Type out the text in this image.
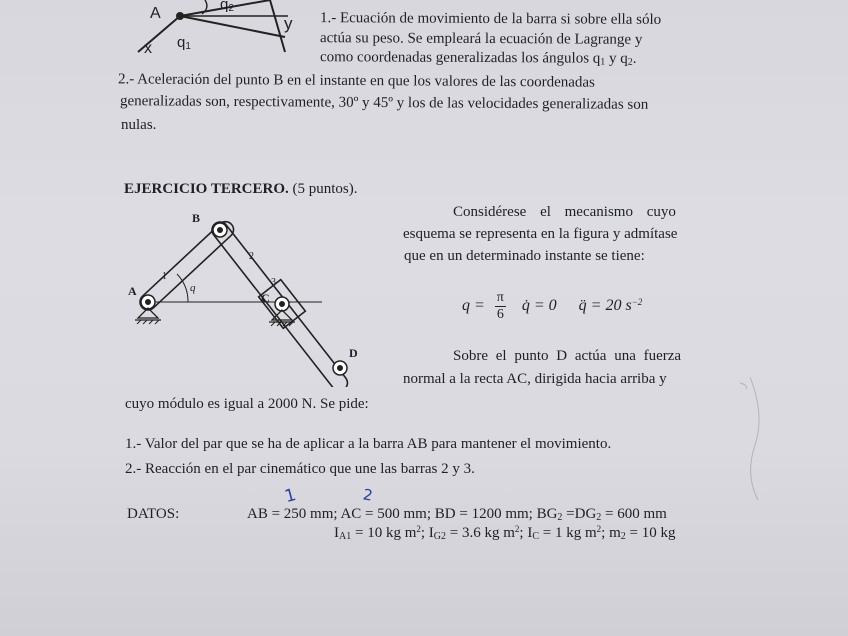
A
$q_2$
y
x $q_1$
1.- Ecuación de movimiento de la barra si sobre ella sólo
actúa su peso. Se empleará la ecuación de Lagrange y
como coordenadas generalizadas los ángulos $q_1$ y $q_2$.
2.- Aceleración del punto B en el instante en que los valores de las coordenadas
generalizadas son, respectivamente, 30º y 45º y los de las velocidades generalizadas son
nulas.
EJERCICIO TERCERO. (5 puntos).
Considérese el mecanismo cuyo
esquema se representa en la figura y admítase
que en un determinado instante se tiene:
$q = \frac{\pi}{6}$ q̇ = 0 q̈ = 20 $s^{-2}$
Sobre el punto D actúa una fuerza
normal a la recta AC, dirigida hacia arriba y
cuyo módulo es igual a 2000 N. Se pide:
B
A	C
D
q
1
2
3
1.- Valor del par que se ha de aplicar a la barra AB para mantener el movimiento.
2.- Reacción en el par cinemático que une las barras 2 y 3.
DATOS:	AB = 250 mm; AC = 500 mm; BD = 1200 mm; $BG_2 =DG_2 = 600$ mm
$I_{A1} = 10$ kg $m^2$; $I_{G2} = 3.6$ kg $m^2$; $I_C = 1$ kg $m^2$; $m_2 = 10$ kg
1	2
